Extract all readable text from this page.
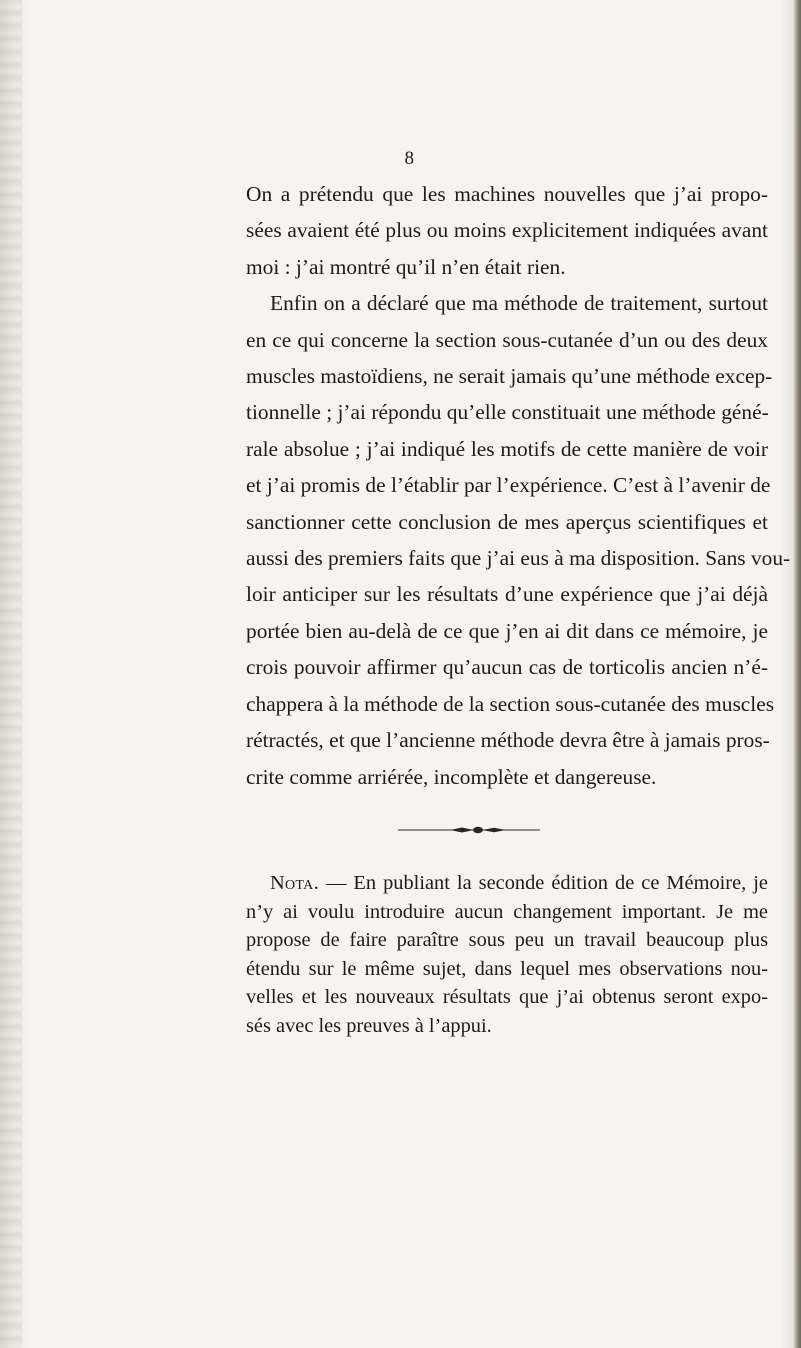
8
On a prétendu que les machines nouvelles que j’ai propo-
sées avaient été plus ou moins explicitement indiquées avant
moi : j’ai montré qu’il n’en était rien.
Enfin on a déclaré que ma méthode de traitement, surtout
en ce qui concerne la section sous-cutanée d’un ou des deux
muscles mastoïdiens, ne serait jamais qu’une méthode excep-
tionnelle ; j’ai répondu qu’elle constituait une méthode géné-
rale absolue ; j’ai indiqué les motifs de cette manière de voir
et j’ai promis de l’établir par l’expérience. C’est à l’avenir de
sanctionner cette conclusion de mes aperçus scientifiques et
aussi des premiers faits que j’ai eus à ma disposition. Sans vou-
loir anticiper sur les résultats d’une expérience que j’ai déjà
portée bien au-delà de ce que j’en ai dit dans ce mémoire, je
crois pouvoir affirmer qu’aucun cas de torticolis ancien n’é-
chappera à la méthode de la section sous-cutanée des muscles
rétractés, et que l’ancienne méthode devra être à jamais pros-
crite comme arriérée, incomplète et dangereuse.
Nota. — En publiant la seconde édition de ce Mémoire, je
n’y ai voulu introduire aucun changement important. Je me
propose de faire paraître sous peu un travail beaucoup plus
étendu sur le même sujet, dans lequel mes observations nou-
velles et les nouveaux résultats que j’ai obtenus seront expo-
sés avec les preuves à l’appui.
